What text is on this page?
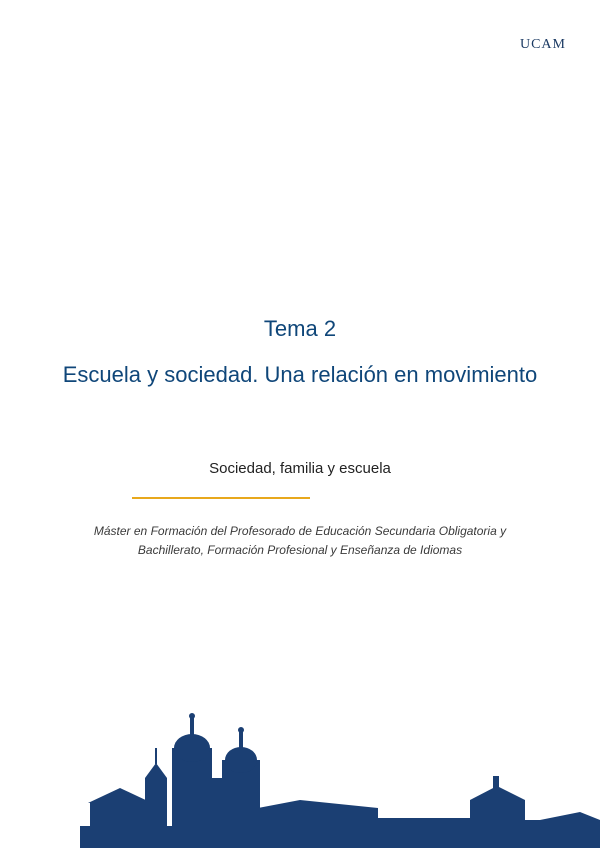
UCAM
Tema 2
Escuela y sociedad. Una relación en movimiento
Sociedad, familia y escuela
Máster en Formación del Profesorado de Educación Secundaria Obligatoria y Bachillerato, Formación Profesional y Enseñanza de Idiomas
